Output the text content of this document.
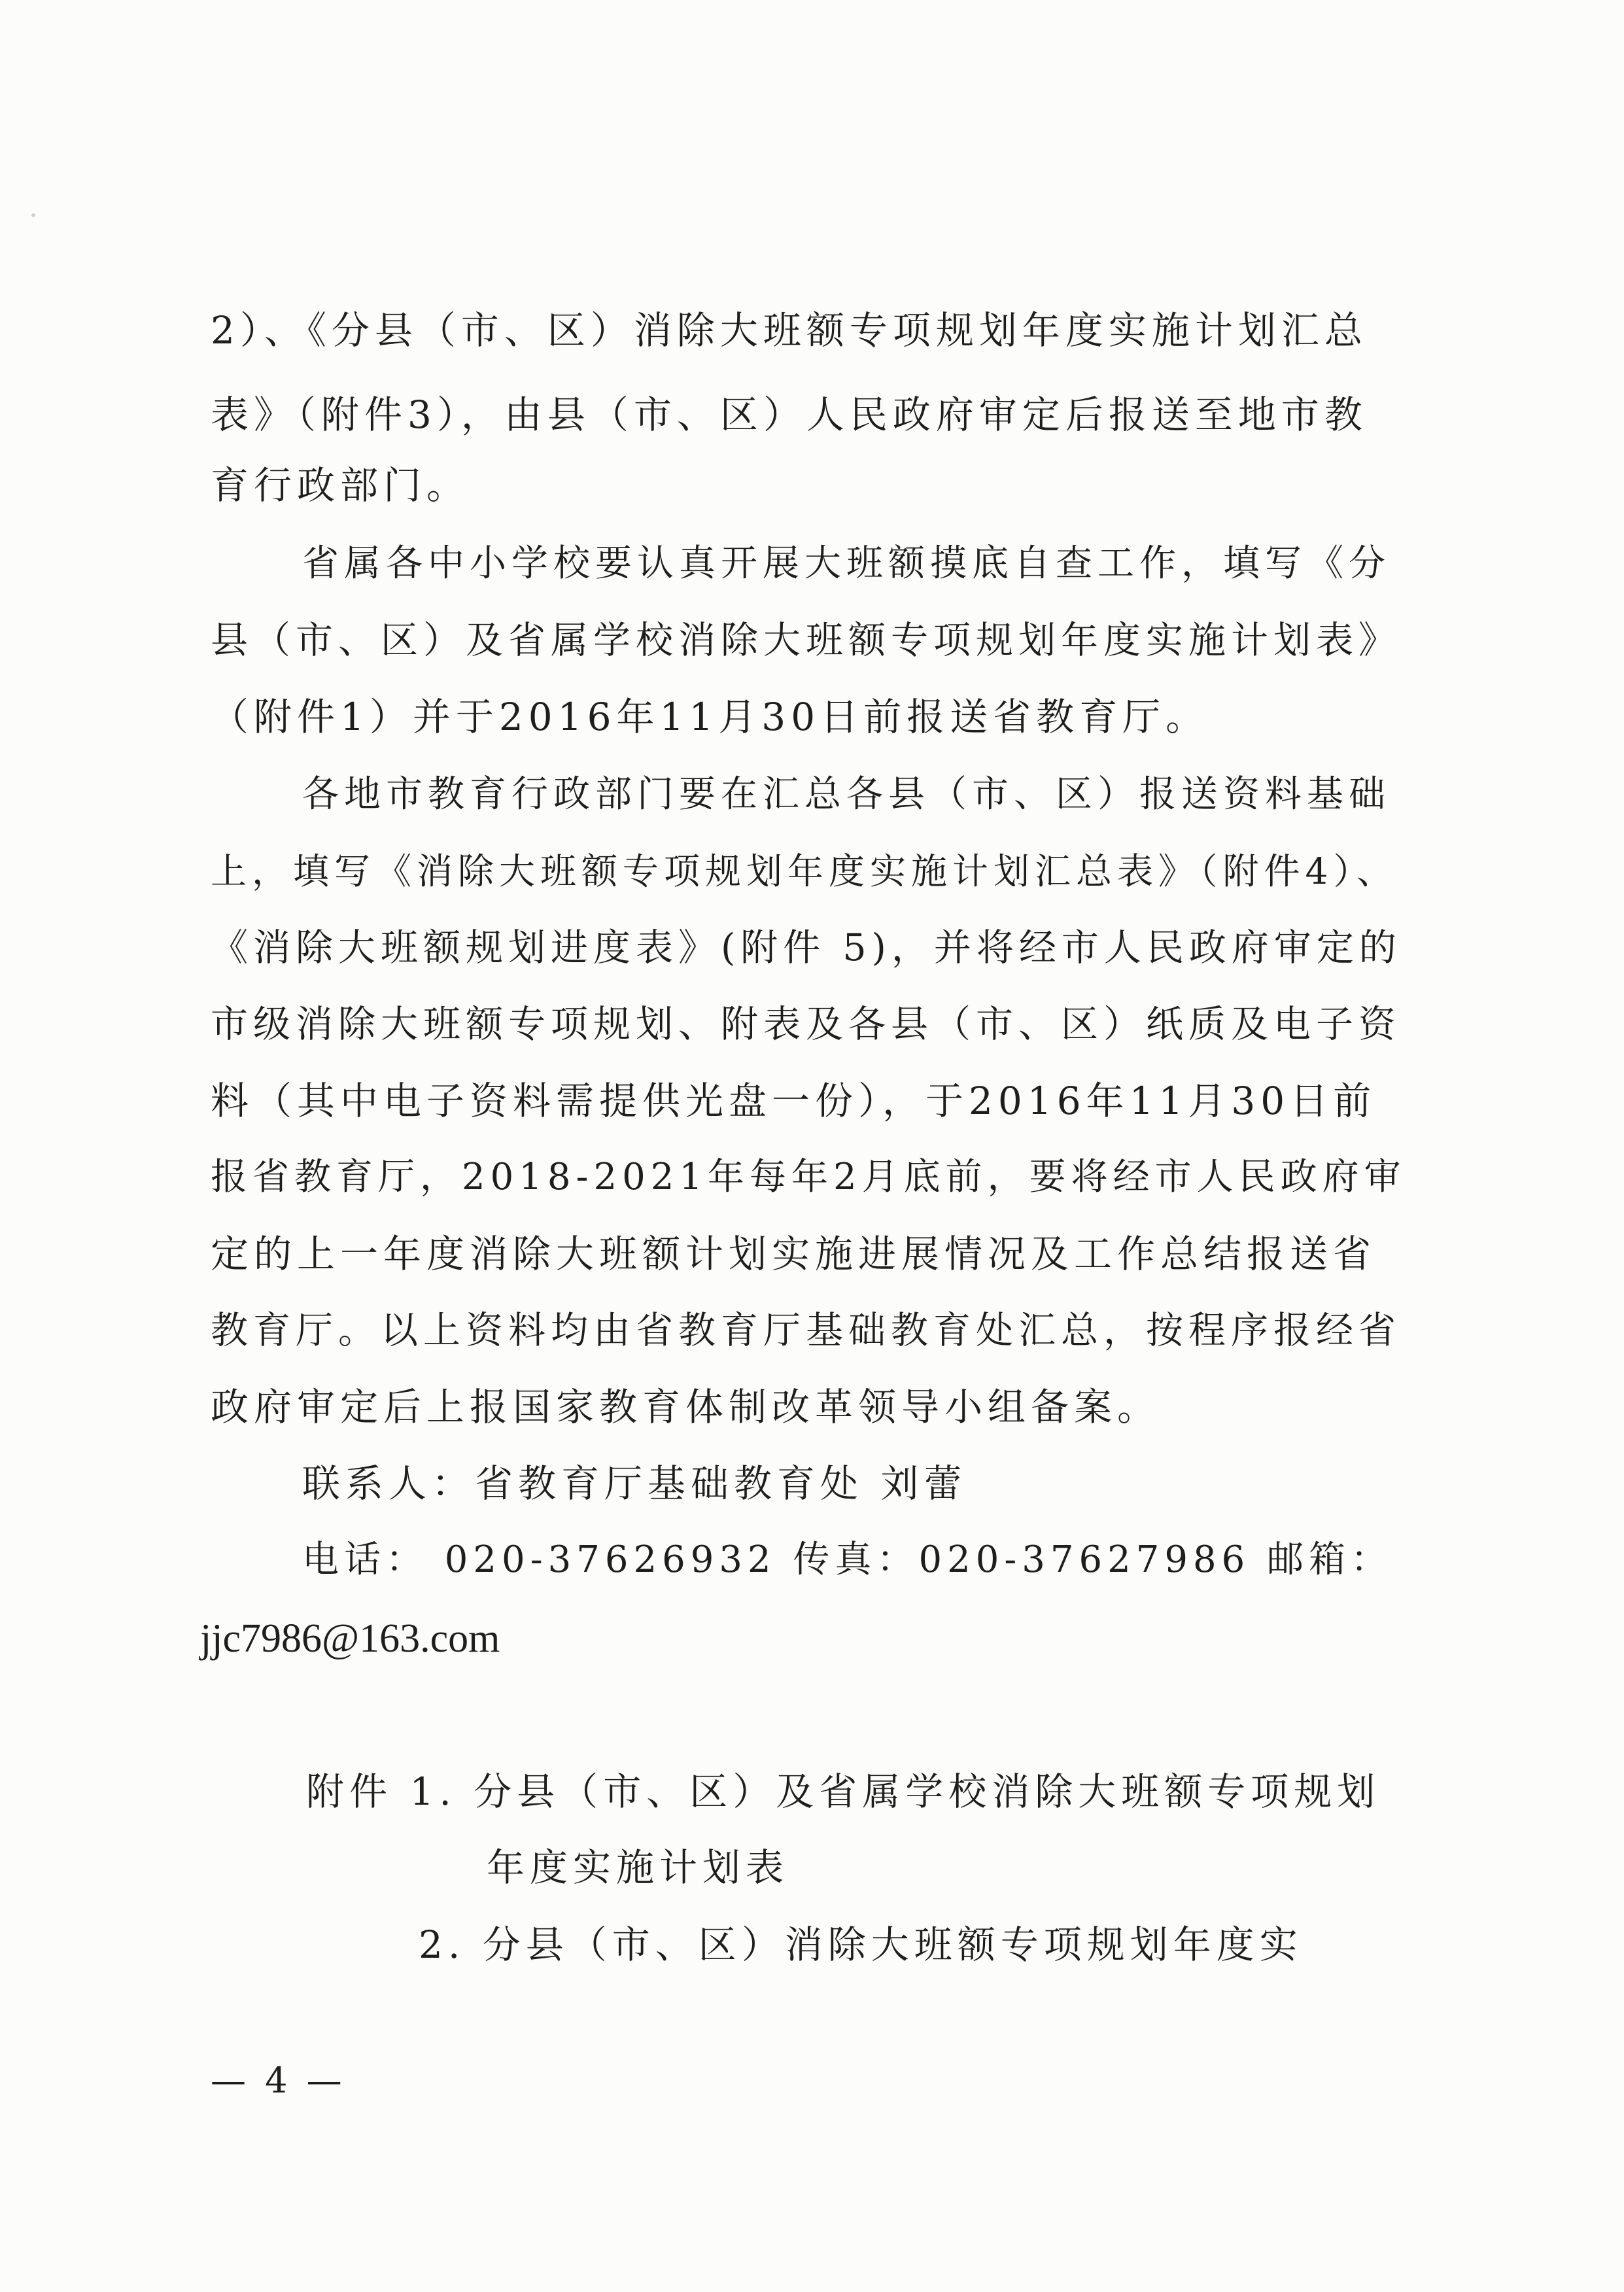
2）、《分县（市、区）消除大班额专项规划年度实施计划汇总
表》（附件3），由县（市、区）人民政府审定后报送至地市教
育行政部门。
省属各中小学校要认真开展大班额摸底自查工作，填写《分
县（市、区）及省属学校消除大班额专项规划年度实施计划表》
（附件1）并于2016年11月30日前报送省教育厅。
各地市教育行政部门要在汇总各县（市、区）报送资料基础
上，填写《消除大班额专项规划年度实施计划汇总表》（附件4）、
《消除大班额规划进度表》(附件 5)，并将经市人民政府审定的
市级消除大班额专项规划、附表及各县（市、区）纸质及电子资
料（其中电子资料需提供光盘一份），于2016年11月30日前
报省教育厅，2018-2021年每年2月底前，要将经市人民政府审
定的上一年度消除大班额计划实施进展情况及工作总结报送省
教育厅。以上资料均由省教育厅基础教育处汇总，按程序报经省
政府审定后上报国家教育体制改革领导小组备案。
联系人：省教育厅基础教育处 刘蕾
电话： 020-37626932 传真：020-37627986 邮箱：
jjc7986@163.com
附件 1. 分县（市、区）及省属学校消除大班额专项规划
年度实施计划表
2. 分县（市、区）消除大班额专项规划年度实
— 4 —
